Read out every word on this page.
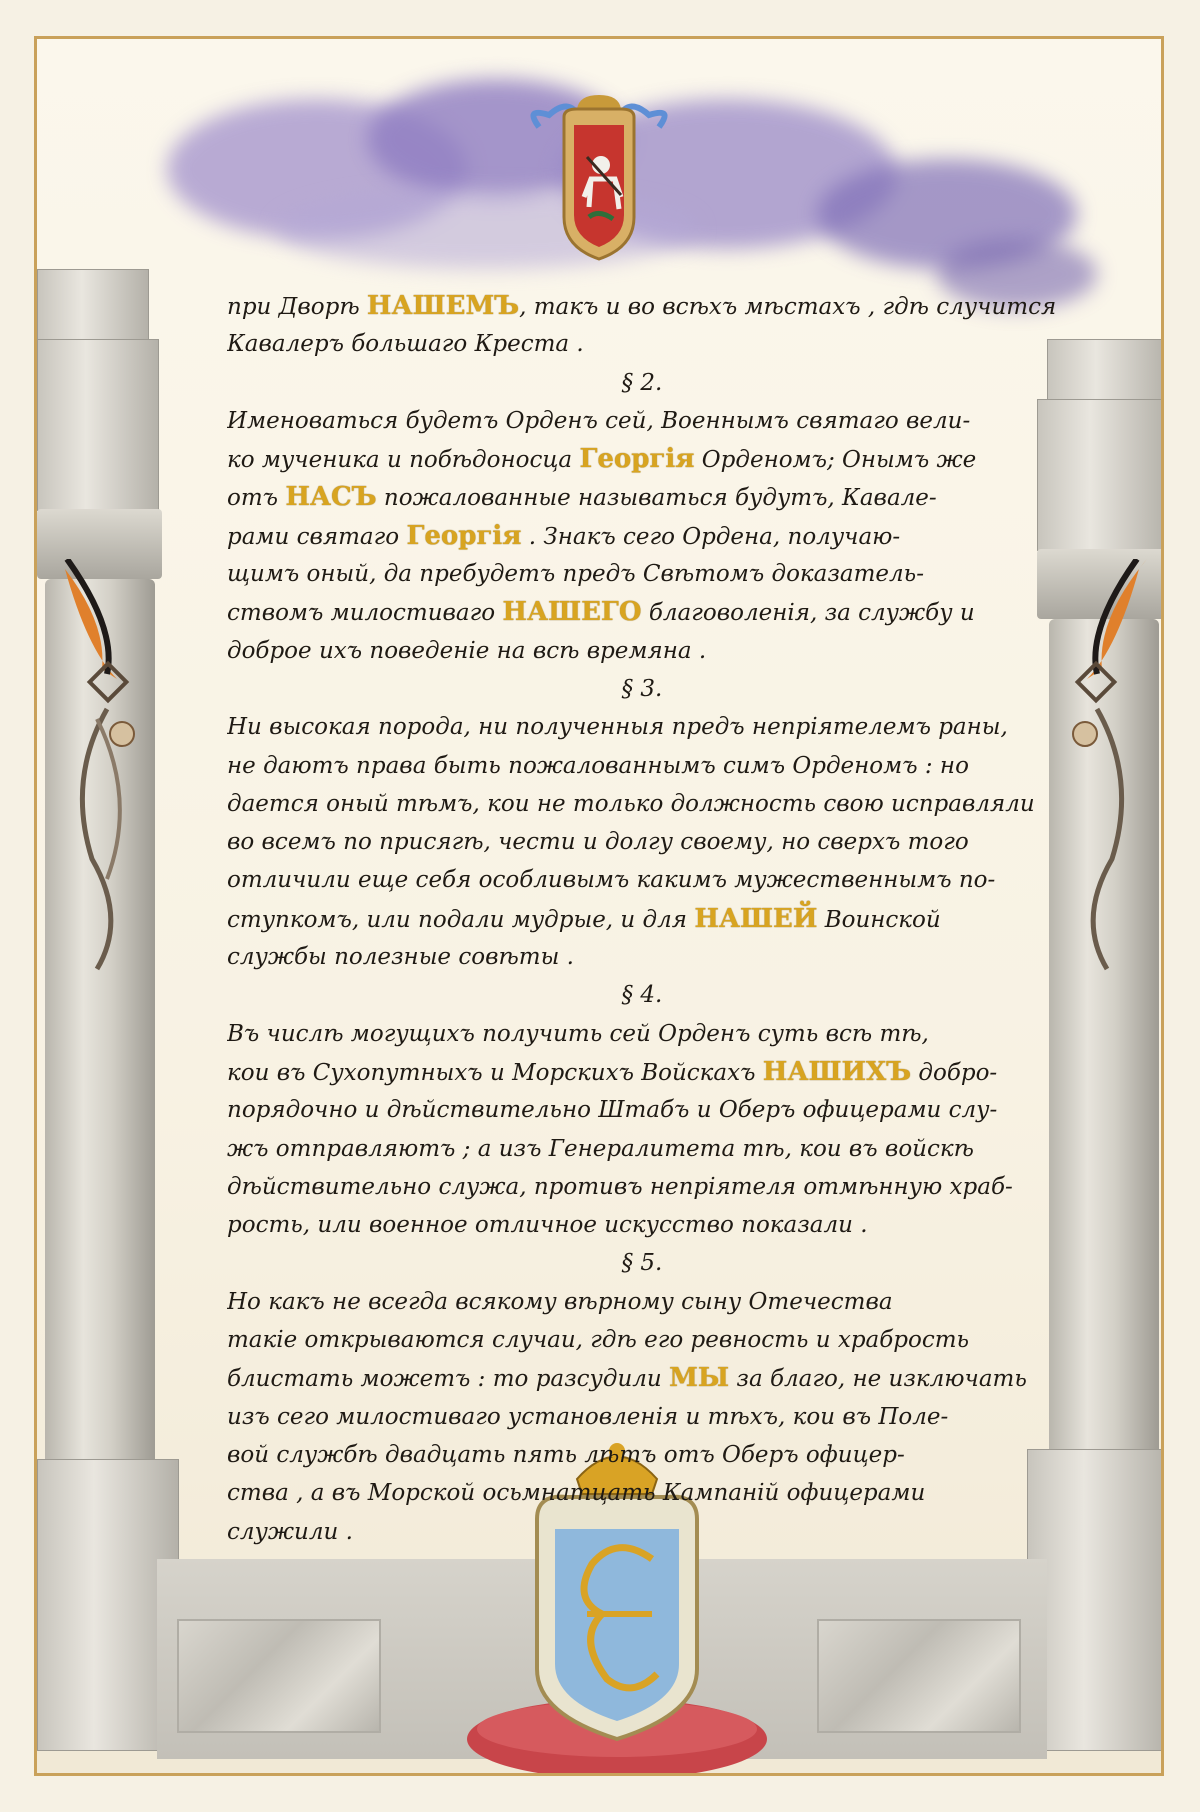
при Дворѣ НАШЕМЪ, такъ и во всѣхъ мѣстахъ , гдѣ случится
Кавалеръ большаго Креста .
§ 2.
Именоваться будетъ Орденъ сей, Военнымъ святаго вели-
ко мученика и побѣдоносца Георгія Орденомъ; Онымъ же
отъ НАСЪ пожалованные называться будутъ, Кавале-
рами святаго Георгія . Знакъ сего Ордена, получаю-
щимъ оный, да пребудетъ предъ Свѣтомъ доказатель-
ствомъ милостиваго НАШЕГО благоволенія, за службу и
доброе ихъ поведеніе на всѣ времяна .
§ 3.
Ни высокая порода, ни полученныя предъ непріятелемъ раны,
не даютъ права быть пожалованнымъ симъ Орденомъ : но
дается оный тѣмъ, кои не только должность свою исправляли
во всемъ по присягѣ, чести и долгу своему, но сверхъ того
отличили еще себя особливымъ какимъ мужественнымъ по-
ступкомъ, или подали мудрые, и для НАШЕЙ Воинской
службы полезные совѣты .
§ 4.
Въ числѣ могущихъ получить сей Орденъ суть всѣ тѣ,
кои въ Сухопутныхъ и Морскихъ Войскахъ НАШИХЪ добро-
порядочно и дѣйствительно Штабъ и Оберъ офицерами слу-
жъ отправляютъ ; а изъ Генералитета тѣ, кои въ войскѣ
дѣйствительно служа, противъ непріятеля отмѣнную храб-
рость, или военное отличное искусство показали .
§ 5.
Но какъ не всегда всякому вѣрному сыну Отечества
такіе открываются случаи, гдѣ его ревность и храбрость
блистать можетъ : то разсудили МЫ за благо, не изключать
изъ сего милостиваго установленія и тѣхъ, кои въ Поле-
вой службѣ двадцать пять лѣтъ отъ Оберъ офицер-
ства , а въ Морской осьмнатцать Кампаній офицерами
служили .
